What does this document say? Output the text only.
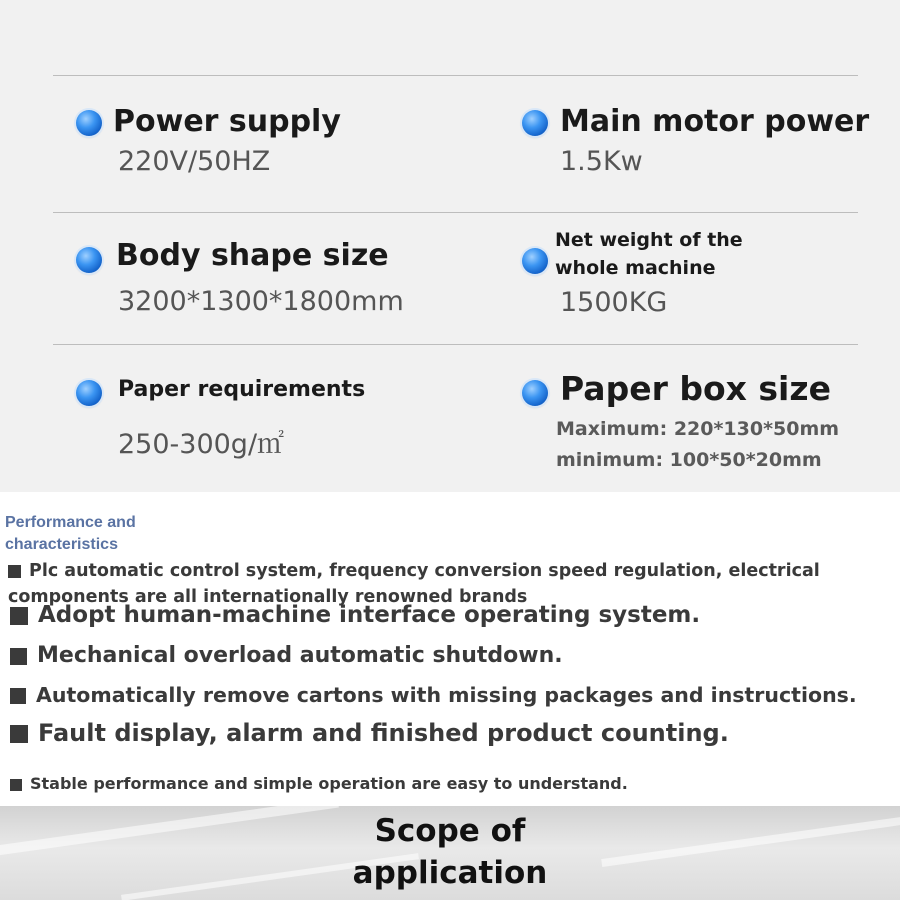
Power supply
220V/50HZ
Main motor power
1.5Kw
Body shape size
3200*1300*1800mm
Net weight of the
whole machine
1500KG
Paper requirements
250-300g/㎡
Paper box size
Maximum: 220*130*50mm
minimum: 100*50*20mm
Performance and characteristics
Plc automatic control system, frequency conversion speed regulation, electrical components are all internationally renowned brands
Adopt human-machine interface operating system.
Mechanical overload automatic shutdown.
Automatically remove cartons with missing packages and instructions.
Fault display, alarm and finished product counting.
Stable performance and simple operation are easy to understand.
Scope of application
